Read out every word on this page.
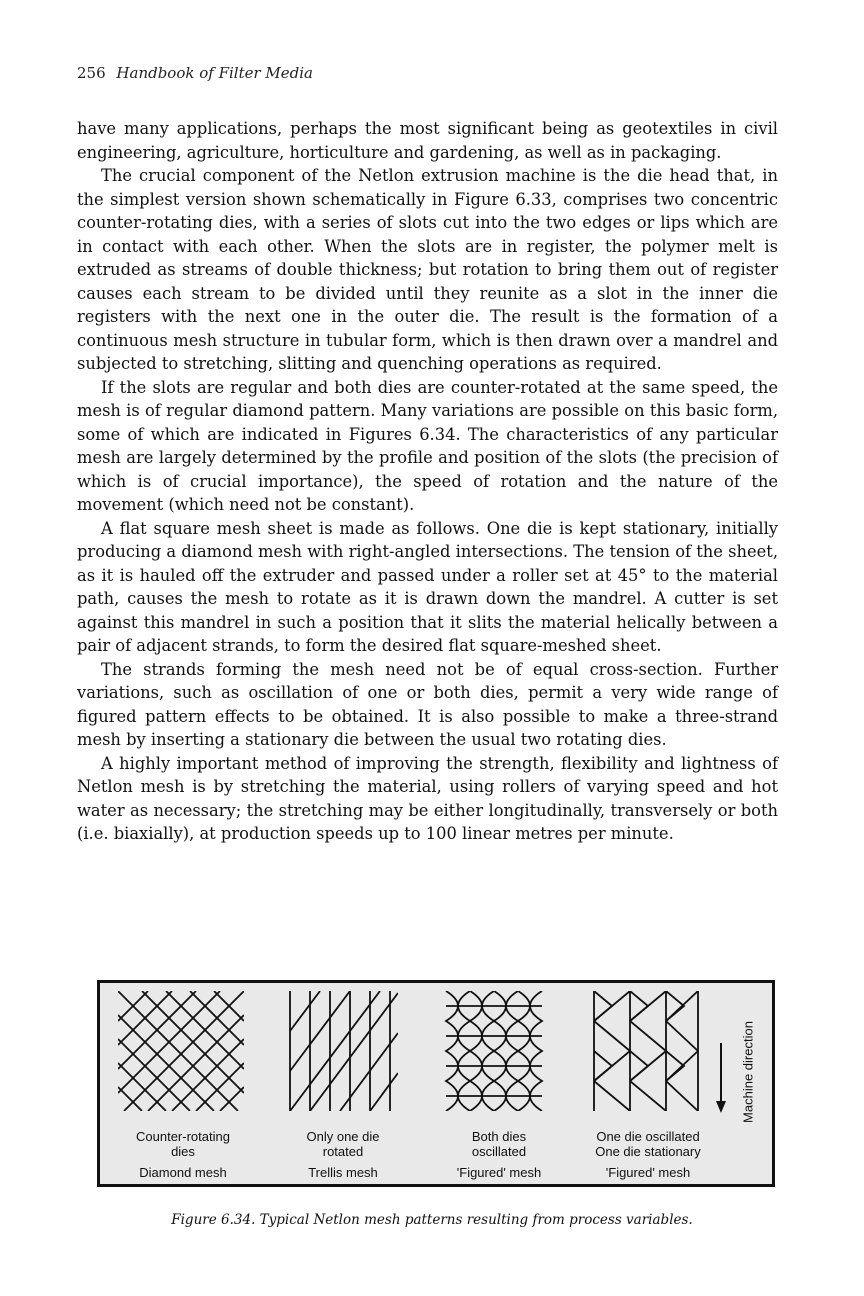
256 Handbook of Filter Media

have many applications, perhaps the most significant being as geotextiles in civil engineering, agriculture, horticulture and gardening, as well as in packaging.

The crucial component of the Netlon extrusion machine is the die head that, in the simplest version shown schematically in Figure 6.33, comprises two concentric counter-rotating dies, with a series of slots cut into the two edges or lips which are in contact with each other. When the slots are in register, the polymer melt is extruded as streams of double thickness; but rotation to bring them out of register causes each stream to be divided until they reunite as a slot in the inner die registers with the next one in the outer die. The result is the formation of a continuous mesh structure in tubular form, which is then drawn over a mandrel and subjected to stretching, slitting and quenching operations as required.

If the slots are regular and both dies are counter-rotated at the same speed, the mesh is of regular diamond pattern. Many variations are possible on this basic form, some of which are indicated in Figures 6.34. The characteristics of any particular mesh are largely determined by the profile and position of the slots (the precision of which is of crucial importance), the speed of rotation and the nature of the movement (which need not be constant).

A flat square mesh sheet is made as follows. One die is kept stationary, initially producing a diamond mesh with right-angled intersections. The tension of the sheet, as it is hauled off the extruder and passed under a roller set at 45° to the material path, causes the mesh to rotate as it is drawn down the mandrel. A cutter is set against this mandrel in such a position that it slits the material helically between a pair of adjacent strands, to form the desired flat square-meshed sheet.

The strands forming the mesh need not be of equal cross-section. Further variations, such as oscillation of one or both dies, permit a very wide range of figured pattern effects to be obtained. It is also possible to make a three-strand mesh by inserting a stationary die between the usual two rotating dies.

A highly important method of improving the strength, flexibility and lightness of Netlon mesh is by stretching the material, using rollers of varying speed and hot water as necessary; the stretching may be either longitudinally, transversely or both (i.e. biaxially), at production speeds up to 100 linear metres per minute.

Machine direction
Counter-rotating
dies
Only one die
rotated
Both dies
oscillated
One die oscillated
One die stationary
Diamond mesh	Trellis mesh	'Figured' mesh	'Figured' mesh
Figure 6.34. Typical Netlon mesh patterns resulting from process variables.
